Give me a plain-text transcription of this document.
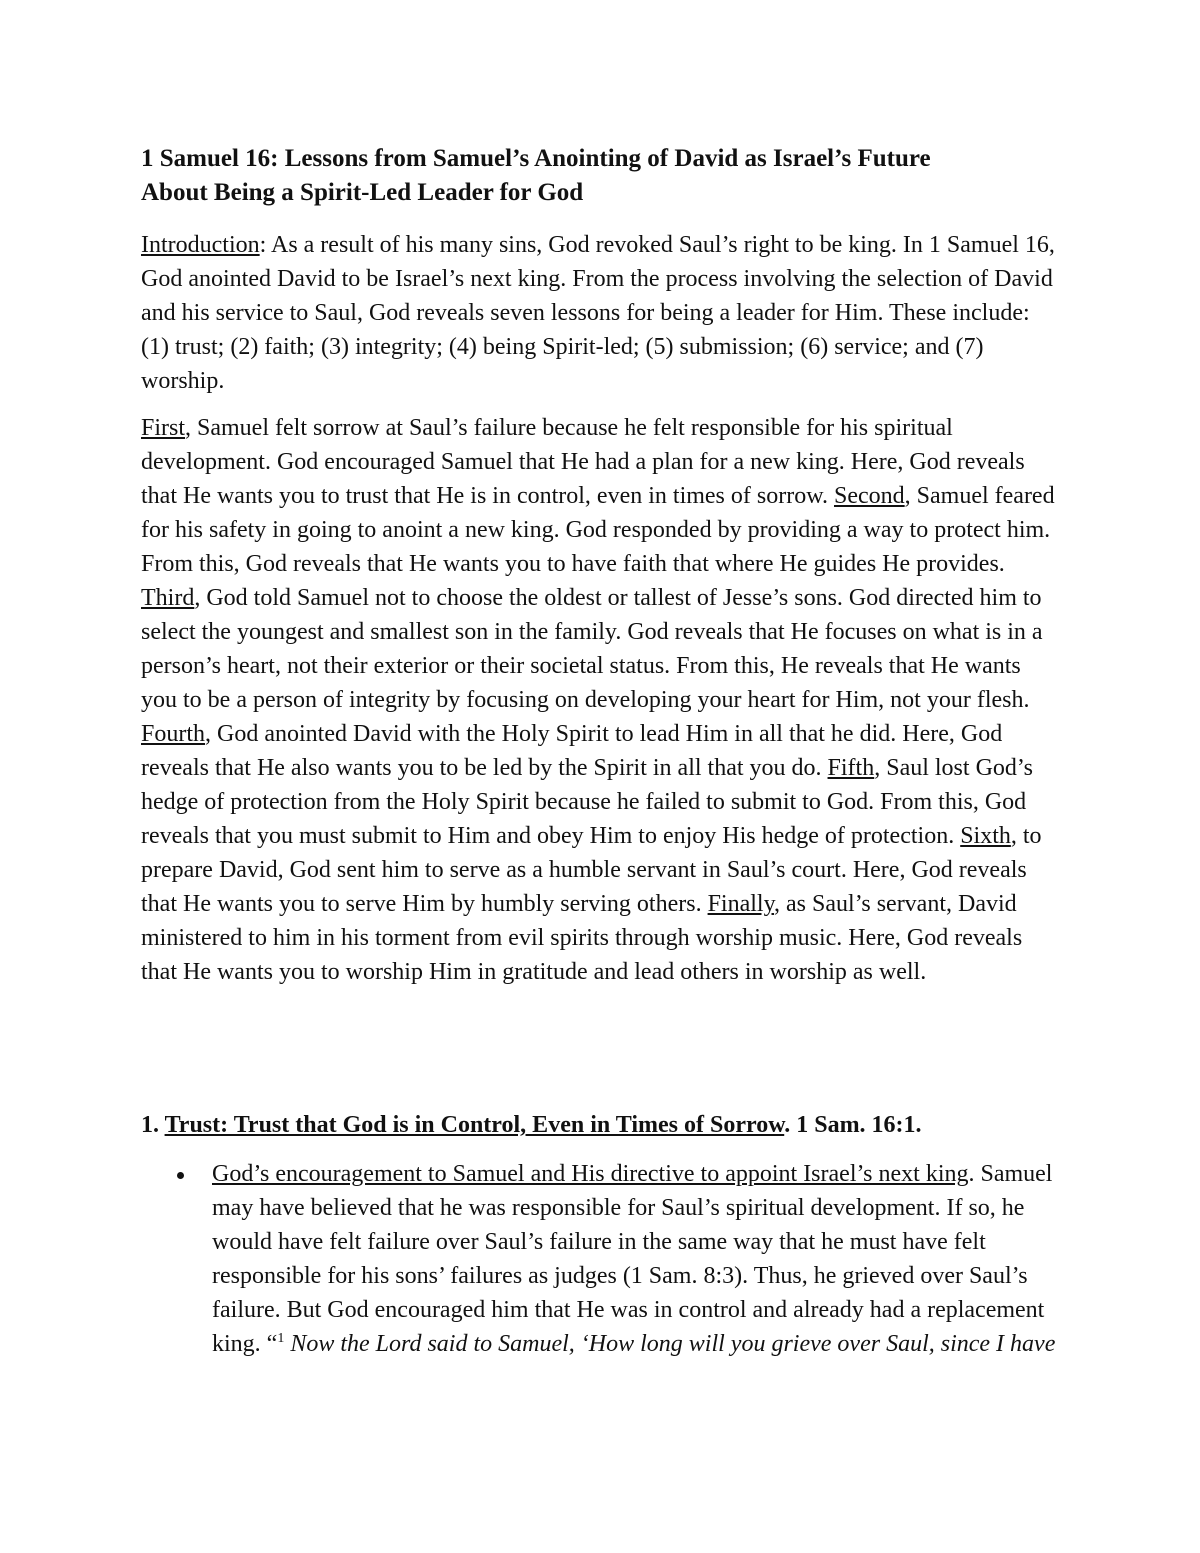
1 Samuel 16: Lessons from Samuel’s Anointing of David as Israel’s Future
About Being a Spirit-Led Leader for God

Introduction: As a result of his many sins, God revoked Saul’s right to be king. In 1 Samuel 16, God anointed David to be Israel’s next king. From the process involving the selection of David and his service to Saul, God reveals seven lessons for being a leader for Him. These include: (1) trust; (2) faith; (3) integrity; (4) being Spirit-led; (5) submission; (6) service; and (7) worship.

First, Samuel felt sorrow at Saul’s failure because he felt responsible for his spiritual development. God encouraged Samuel that He had a plan for a new king. Here, God reveals that He wants you to trust that He is in control, even in times of sorrow. Second, Samuel feared for his safety in going to anoint a new king. God responded by providing a way to protect him. From this, God reveals that He wants you to have faith that where He guides He provides. Third, God told Samuel not to choose the oldest or tallest of Jesse’s sons. God directed him to select the youngest and smallest son in the family. God reveals that He focuses on what is in a person’s heart, not their exterior or their societal status. From this, He reveals that He wants you to be a person of integrity by focusing on developing your heart for Him, not your flesh. Fourth, God anointed David with the Holy Spirit to lead Him in all that he did. Here, God reveals that He also wants you to be led by the Spirit in all that you do. Fifth, Saul lost God’s hedge of protection from the Holy Spirit because he failed to submit to God. From this, God reveals that you must submit to Him and obey Him to enjoy His hedge of protection. Sixth, to prepare David, God sent him to serve as a humble servant in Saul’s court. Here, God reveals that He wants you to serve Him by humbly serving others. Finally, as Saul’s servant, David ministered to him in his torment from evil spirits through worship music. Here, God reveals that He wants you to worship Him in gratitude and lead others in worship as well.

1. Trust: Trust that God is in Control, Even in Times of Sorrow. 1 Sam. 16:1.

God’s encouragement to Samuel and His directive to appoint Israel’s next king. Samuel may have believed that he was responsible for Saul’s spiritual development. If so, he would have felt failure over Saul’s failure in the same way that he must have felt responsible for his sons’ failures as judges (1 Sam. 8:3). Thus, he grieved over Saul’s failure. But God encouraged him that He was in control and already had a replacement king. “$^1$ Now the Lord said to Samuel, ‘How long will you grieve over Saul, since I have
